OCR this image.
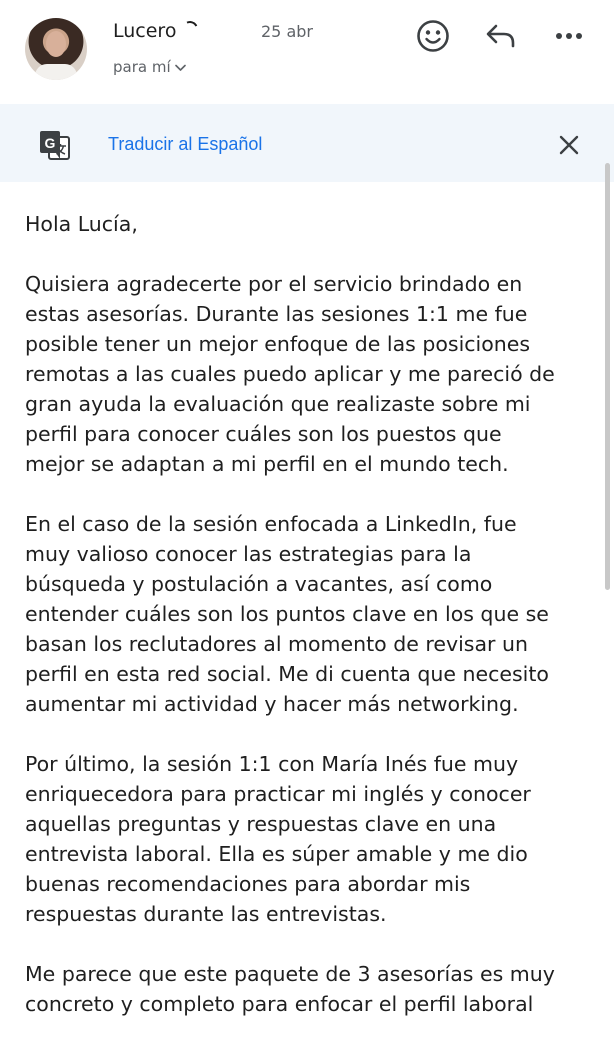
Lucero	25 abr
para mí
G	Traducir al Español

Hola Lucía,

Quisiera agradecerte por el servicio brindado en
estas asesorías. Durante las sesiones 1:1 me fue
posible tener un mejor enfoque de las posiciones
remotas a las cuales puedo aplicar y me pareció de
gran ayuda la evaluación que realizaste sobre mi
perfil para conocer cuáles son los puestos que
mejor se adaptan a mi perfil en el mundo tech.

En el caso de la sesión enfocada a LinkedIn, fue
muy valioso conocer las estrategias para la
búsqueda y postulación a vacantes, así como
entender cuáles son los puntos clave en los que se
basan los reclutadores al momento de revisar un
perfil en esta red social. Me di cuenta que necesito
aumentar mi actividad y hacer más networking.

Por último, la sesión 1:1 con María Inés fue muy
enriquecedora para practicar mi inglés y conocer
aquellas preguntas y respuestas clave en una
entrevista laboral. Ella es súper amable y me dio
buenas recomendaciones para abordar mis
respuestas durante las entrevistas.

Me parece que este paquete de 3 asesorías es muy
concreto y completo para enfocar el perfil laboral
